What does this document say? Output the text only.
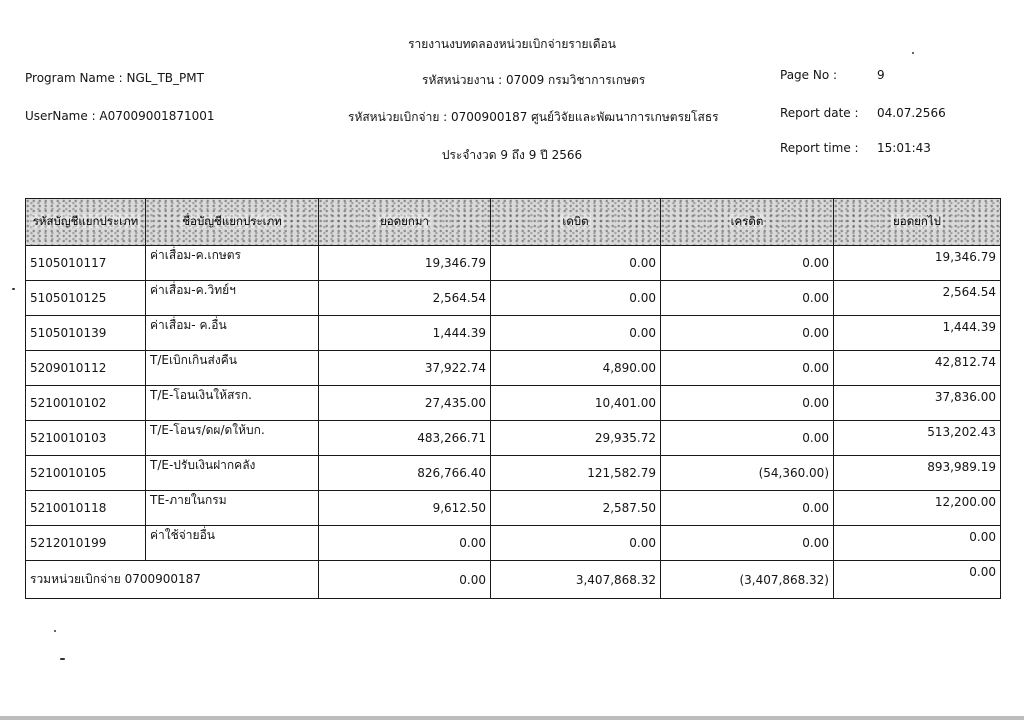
รายงานงบทดลองหน่วยเบิกจ่ายรายเดือน
Program Name : NGL_TB_PMT	รหัสหน่วยงาน : 07009 กรมวิชาการเกษตร	Page No :	9
UserName : A07009001871001	รหัสหน่วยเบิกจ่าย : 0700900187 ศูนย์วิจัยและพัฒนาการเกษตรยโสธร	Report date : 04.07.2566
ประจำงวด 9 ถึง 9 ปี 2566	Report time : 15:01:43
รหัสบัญชีแยกประเภท	ชื่อบัญชีแยกประเภท	ยอดยกมา	เดบิต	เครดิต	ยอดยกไป
5105010117	ค่าเสื่อม-ค.เกษตร	19,346.79	0.00	0.00	19,346.79
5105010125	ค่าเสื่อม-ค.วิทย์ฯ	2,564.54	0.00	0.00	2,564.54
5105010139	ค่าเสื่อม- ค.อื่น	1,444.39	0.00	0.00	1,444.39
5209010112	T/Eเบิกเกินส่งคืน	37,922.74	4,890.00	0.00	42,812.74
5210010102	T/E-โอนเงินให้สรก.	27,435.00	10,401.00	0.00	37,836.00
5210010103	T/E-โอนร/ดผ/ดให้บก.	483,266.71	29,935.72	0.00	513,202.43
5210010105	T/E-ปรับเงินฝากคลัง	826,766.40	121,582.79	(54,360.00)	893,989.19
5210010118	TE-ภายในกรม	9,612.50	2,587.50	0.00	12,200.00
5212010199	ค่าใช้จ่ายอื่น	0.00	0.00	0.00	0.00
รวมหน่วยเบิกจ่าย 0700900187		0.00	3,407,868.32	(3,407,868.32)	0.00
